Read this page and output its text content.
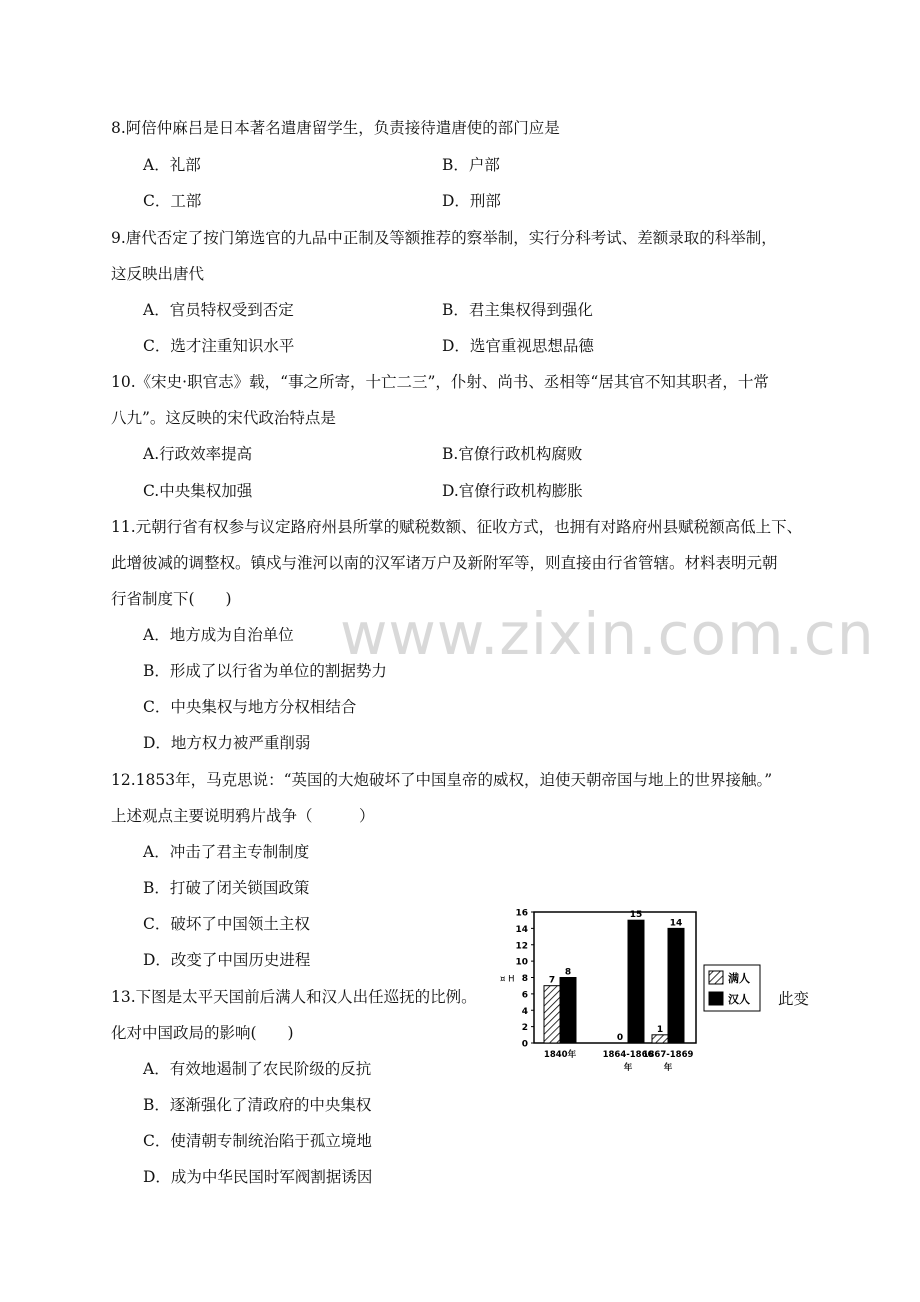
www.zixin.com.cn
8.阿倍仲麻吕是日本著名遣唐留学生，负责接待遣唐使的部门应是
A．礼部	B．户部
C．工部	D．刑部
9.唐代否定了按门第选官的九品中正制及等额推荐的察举制，实行分科考试、差额录取的科举制，
这反映出唐代
A．官员特权受到否定	B．君主集权得到强化
C．选才注重知识水平	D．选官重视思想品德
10.《宋史·职官志》载，“事之所寄，十亡二三”，仆射、尚书、丞相等“居其官不知其职者，十常
八九”。这反映的宋代政治特点是
A.行政效率提高	B.官僚行政机构腐败
C.中央集权加强	D.官僚行政机构膨胀
11.元朝行省有权参与议定路府州县所掌的赋税数额、征收方式，也拥有对路府州县赋税额高低上下、
此增彼减的调整权。镇戍与淮河以南的汉军诸万户及新附军等，则直接由行省管辖。材料表明元朝
行省制度下(　　)
A．地方成为自治单位
B．形成了以行省为单位的割据势力
C．中央集权与地方分权相结合
D．地方权力被严重削弱
12.1853年，马克思说：“英国的大炮破坏了中国皇帝的威权，迫使天朝帝国与地上的世界接触。”
上述观点主要说明鸦片战争（　　　）
A．冲击了君主专制制度
B．打破了闭关锁国政策
C．破坏了中国领土主权
D．改变了中国历史进程
13.下图是太平天国前后满人和汉人出任巡抚的比例。	此变
化对中国政局的影响(　　)
A．有效地遏制了农民阶级的反抗
B．逐渐强化了清政府的中央集权
C．使清朝专制统治陷于孤立境地
D．成为中华民国时军阀割据诱因
0
2
4
6
8
10
12
14
16
¤ H	7
8
1840年
0
15
1864-1866
年
1
14
1867-1869
年
满人
汉人
